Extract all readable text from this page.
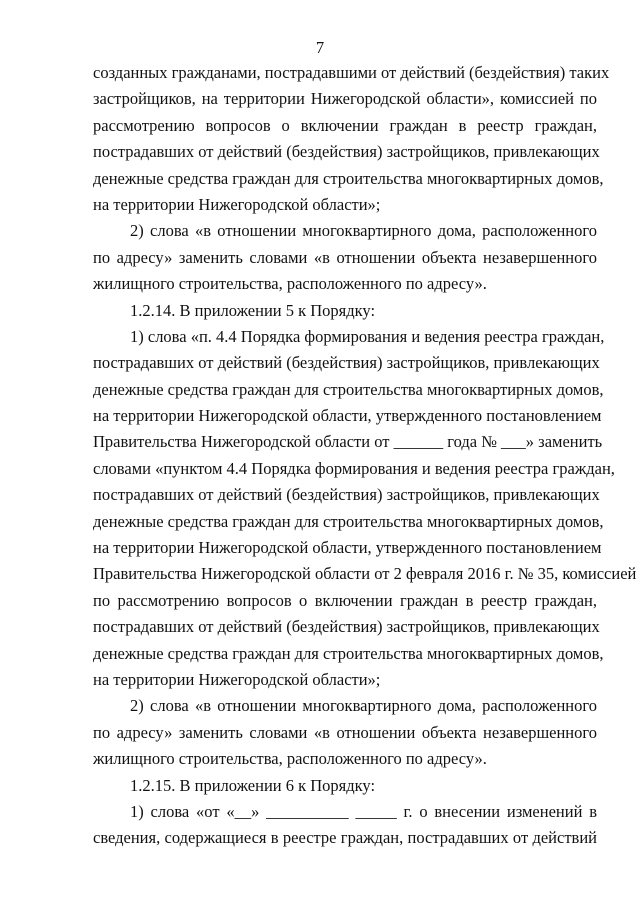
7
созданных гражданами, пострадавшими от действий (бездействия) таких
застройщиков, на территории Нижегородской области», комиссией по
рассмотрению вопросов о включении граждан в реестр граждан,
пострадавших от действий (бездействия) застройщиков, привлекающих
денежные средства граждан для строительства многоквартирных домов,
на территории Нижегородской области»;
2) слова «в отношении многоквартирного дома, расположенного
по адресу» заменить словами «в отношении объекта незавершенного
жилищного строительства, расположенного по адресу».
1.2.14. В приложении 5 к Порядку:
1) слова «п. 4.4 Порядка формирования и ведения реестра граждан,
пострадавших от действий (бездействия) застройщиков, привлекающих
денежные средства граждан для строительства многоквартирных домов,
на территории Нижегородской области, утвержденного постановлением
Правительства Нижегородской области от ______ года № ___» заменить
словами «пунктом 4.4 Порядка формирования и ведения реестра граждан,
пострадавших от действий (бездействия) застройщиков, привлекающих
денежные средства граждан для строительства многоквартирных домов,
на территории Нижегородской области, утвержденного постановлением
Правительства Нижегородской области от 2 февраля 2016 г. № 35, комиссией
по рассмотрению вопросов о включении граждан в реестр граждан,
пострадавших от действий (бездействия) застройщиков, привлекающих
денежные средства граждан для строительства многоквартирных домов,
на территории Нижегородской области»;
2) слова «в отношении многоквартирного дома, расположенного
по адресу» заменить словами «в отношении объекта незавершенного
жилищного строительства, расположенного по адресу».
1.2.15. В приложении 6 к Порядку:
1) слова «от «__» __________ _____ г. о внесении изменений в
сведения, содержащиеся в реестре граждан, пострадавших от действий
